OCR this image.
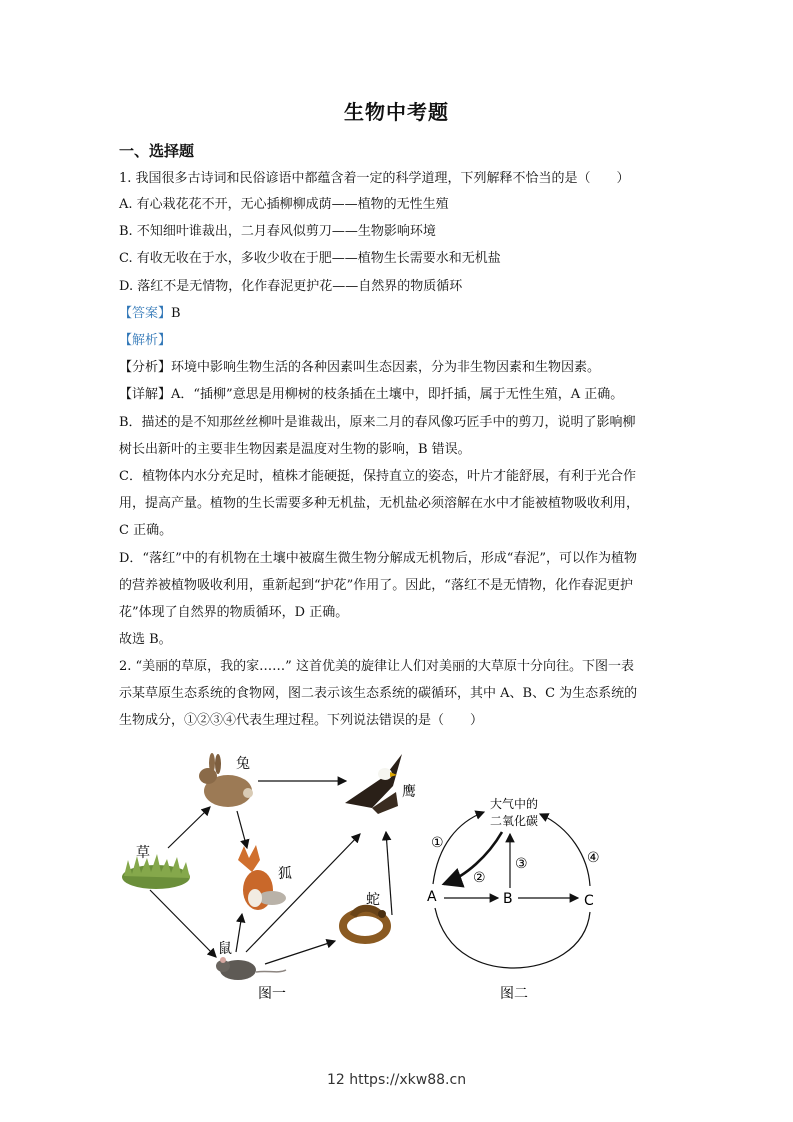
生物中考题
一、选择题
1. 我国很多古诗词和民俗谚语中都蕴含着一定的科学道理，下列解释不恰当的是（　　）
A. 有心栽花花不开，无心插柳柳成荫——植物的无性生殖
B. 不知细叶谁裁出，二月春风似剪刀——生物影响环境
C. 有收无收在于水，多收少收在于肥——植物生长需要水和无机盐
D. 落红不是无情物，化作春泥更护花——自然界的物质循环
【答案】B
【解析】
【分析】环境中影响生物生活的各种因素叫生态因素，分为非生物因素和生物因素。
【详解】A．“插柳”意思是用柳树的枝条插在土壤中，即扦插，属于无性生殖，A 正确。
B．描述的是不知那丝丝柳叶是谁裁出，原来二月的春风像巧匠手中的剪刀，说明了影响柳
树长出新叶的主要非生物因素是温度对生物的影响，B 错误。
C．植物体内水分充足时，植株才能硬挺，保持直立的姿态，叶片才能舒展，有利于光合作
用，提高产量。植物的生长需要多种无机盐，无机盐必须溶解在水中才能被植物吸收利用，
C 正确。
D．“落红”中的有机物在土壤中被腐生微生物分解成无机物后，形成“春泥”，可以作为植物
的营养被植物吸收利用，重新起到“护花”作用了。因此，“落红不是无情物，化作春泥更护
花”体现了自然界的物质循环，D 正确。
故选 B。
2. “美丽的草原，我的家……” 这首优美的旋律让人们对美丽的大草原十分向往。下图一表
示某草原生态系统的食物网，图二表示该生态系统的碳循环，其中 A、B、C 为生态系统的
生物成分，①②③④代表生理过程。下列说法错误的是（　　）
兔
鹰
草
狐
蛇
鼠
图一
大气中的
二氧化碳
A	B	C
①
②
③	④
图二
12 https://xkw88.cn
